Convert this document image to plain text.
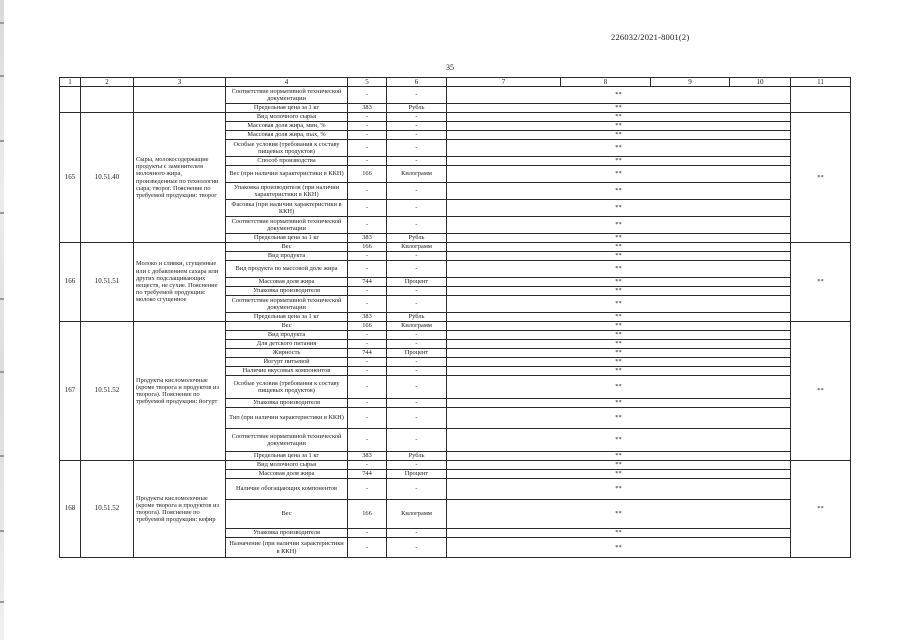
226032/2021-8001(2)
35
1	2	3	4	5	6	7	8	9	10	11
			Соответствие нормативной технической документации	-	-	**				
			Предельная цена за 1 кг	383	Рубль	**				
165	10.51.40	Сыры, молокосодержащие продукты с заменителем молочного жира, произведенные по технологии сыра; творог. Пояснение по требуемой продукции: творог	Вид молочного сырья	-	-	**				**
			Массовая доля жира, мин, %	-	-	**				
			Массовая доля жира, max, %	-	-	**				
			Особые условия (требования к составу пищевых продуктов)	-	-	**				
			Способ производства	-	-	**				
			Вес (при наличии характеристики в ККН)	166	Килограмм	**				
			Упаковка производителя (при наличии характеристики в ККН)	-	-	**				
			Фасовка (при наличии характеристики в ККН)	-	-	**				
			Соответствие нормативной технической документации	-	-	**				
			Предельная цена за 1 кг	383	Рубль	**				
166	10.51.51	Молоко и сливки, сгущенные или с добавлением сахара или других подслащивающих веществ, не сухие. Пояснение по требуемой продукции: молоко сгущенное	Вес	166	Килограмм	**				**
			Вид продукта	-	-	**				
			Вид продукта по массовой доле жира	-	-	**				
			Массовая доля жира	744	Процент	**				
			Упаковка производителя	-	-	**				
			Соответствие нормативной технической документации	-	-	**				
			Предельная цена за 1 кг	383	Рубль	**				
167	10.51.52	Продукты кисломолочные (кроме творога и продуктов из творога). Пояснение по требуемой продукции: йогурт	Вес	166	Килограмм	**				**
			Вид продукта	-	-	**				
			Для детского питания	-	-	**				
			Жирность	744	Процент	**				
			Йогурт питьевой	-	-	**				
			Наличие вкусовых компонентов	-	-	**				
			Особые условия (требования к составу пищевых продуктов)	-	-	**				
			Упаковка производителя	-	-	**				
			Тип (при наличии характеристики в ККН)	-	-	**				
			Соответствие нормативной технической документации	-	-	**				
			Предельная цена за 1 кг	383	Рубль	**				
168	10.51.52	Продукты кисломолочные (кроме творога и продуктов из творога). Пояснение по требуемой продукции: кефир	Вид молочного сырья	-	-	**				**
			Массовая доля жира	744	Процент	**				
			Наличие обогащающих компонентов	-	-	**				
			Вес	166	Килограмм	**				
			Упаковка производителя	-	-	**				
			Назначение (при наличии характеристики в ККН)	-	-	**				
